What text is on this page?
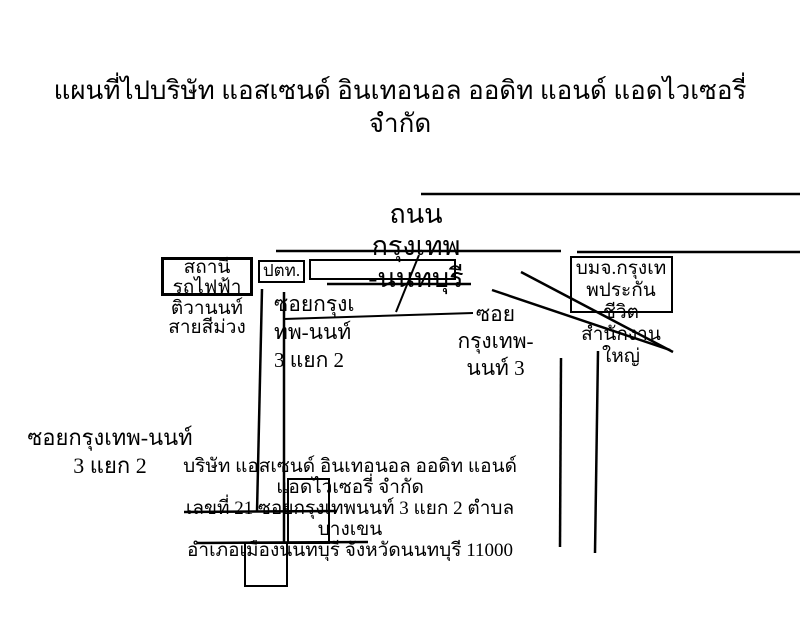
แผนที่ไปบริษัท แอสเซนด์ อินเทอนอล ออดิท แอนด์ แอดไวเซอรี่
จำกัด
สถานี
รถไฟฟ้า
ติวานนท์
สายสีม่วง
ปตท.	บมจ.กรุงเท
พประกัน
ชีวิต
สำนักงาน
ใหญ่
ถนน
กรุงเทพ
-นนทบุรี
ซอยกรุงเ
ทพ-นนท์
3 แยก 2
ซอย
กรุงเทพ-
นนท์ 3
ซอยกรุงเทพ-นนท์
3 แยก 2	บริษัท แอสเซนด์ อินเทอนอล ออดิท แอนด์
แอดไวเซอรี่ จำกัด
เลขที่ 21 ซอยกรุงเทพนนท์ 3 แยก 2 ตำบล
บางเขน
อำเภอเมืองนนทบุรี จังหวัดนนทบุรี 11000
